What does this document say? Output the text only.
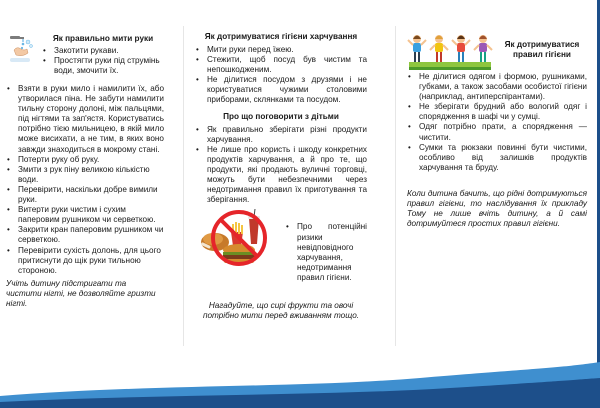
Як правильно мити руки
• Закотити рукави.
• Простягти руки під струмінь води, змочити їх.
• Взяти в руки мило і намилити їх, або утворилася піна. Не забути намилити тильну сторону долоні, між пальцями, під нігтями та зап'ястя. Користуватись потрібно тією мильницею, в якій мило може висихати, а не тим, в яких воно завжди знаходиться в мокрому стані.
• Потерти руку об руку.
• Змити з рук піну великою кількістю води.
• Перевірити, наскільки добре вимили руки.
• Витерти руки чистим і сухим паперовим рушником чи серветкою.
• Закрити кран паперовим рушником чи серветкою.
• Перевірити сухість долонь, для цього притиснути до щік руки тильною стороною.
Учіть дитину підстригати та чистити нігті, не дозволяйте гризти нігті.
Як дотримуватися гігієни харчування
• Мити руки перед їжею.
• Стежити, щоб посуд був чистим та непошкодженим.
• Не ділитися посудом з друзями і не користуватися чужими столовими приборами, склянками та посудом.
Про що поговорити з дітьми
• Як правильно зберігати різні продукти харчування.
• Не лише про користь і шкоду конкретних продуктів харчування, а й про те, що продукти, які продають вуличні торговці, можуть бути небезпечними через недотримання правил їх приготування та зберігання.
• Про потенційні ризики невідповідного харчування, недотримання правил гігієни.
Нагадуйте, що сирі фрукти та овочі потрібно мити перед вживанням тощо.
Як дотримуватися правил гігієни
• Не ділитися одягом і формою, рушниками, губками, а також засобами особистої гігієни (наприклад, антиперспірантами).
• Не зберігати брудний або вологий одяг і спорядження в шафі чи у сумці.
• Одяг потрібно прати, а спорядження — чистити.
• Сумки та рюкзаки повинні бути чистими, особливо від залишків продуктів харчування та бруду.
Коли дитина бачить, що рідні дотримуються правил гігієни, то наслідування їх прикладу Тому не лише вчіть дитину, а й самі дотримуйтеся простих правил гігієни.
